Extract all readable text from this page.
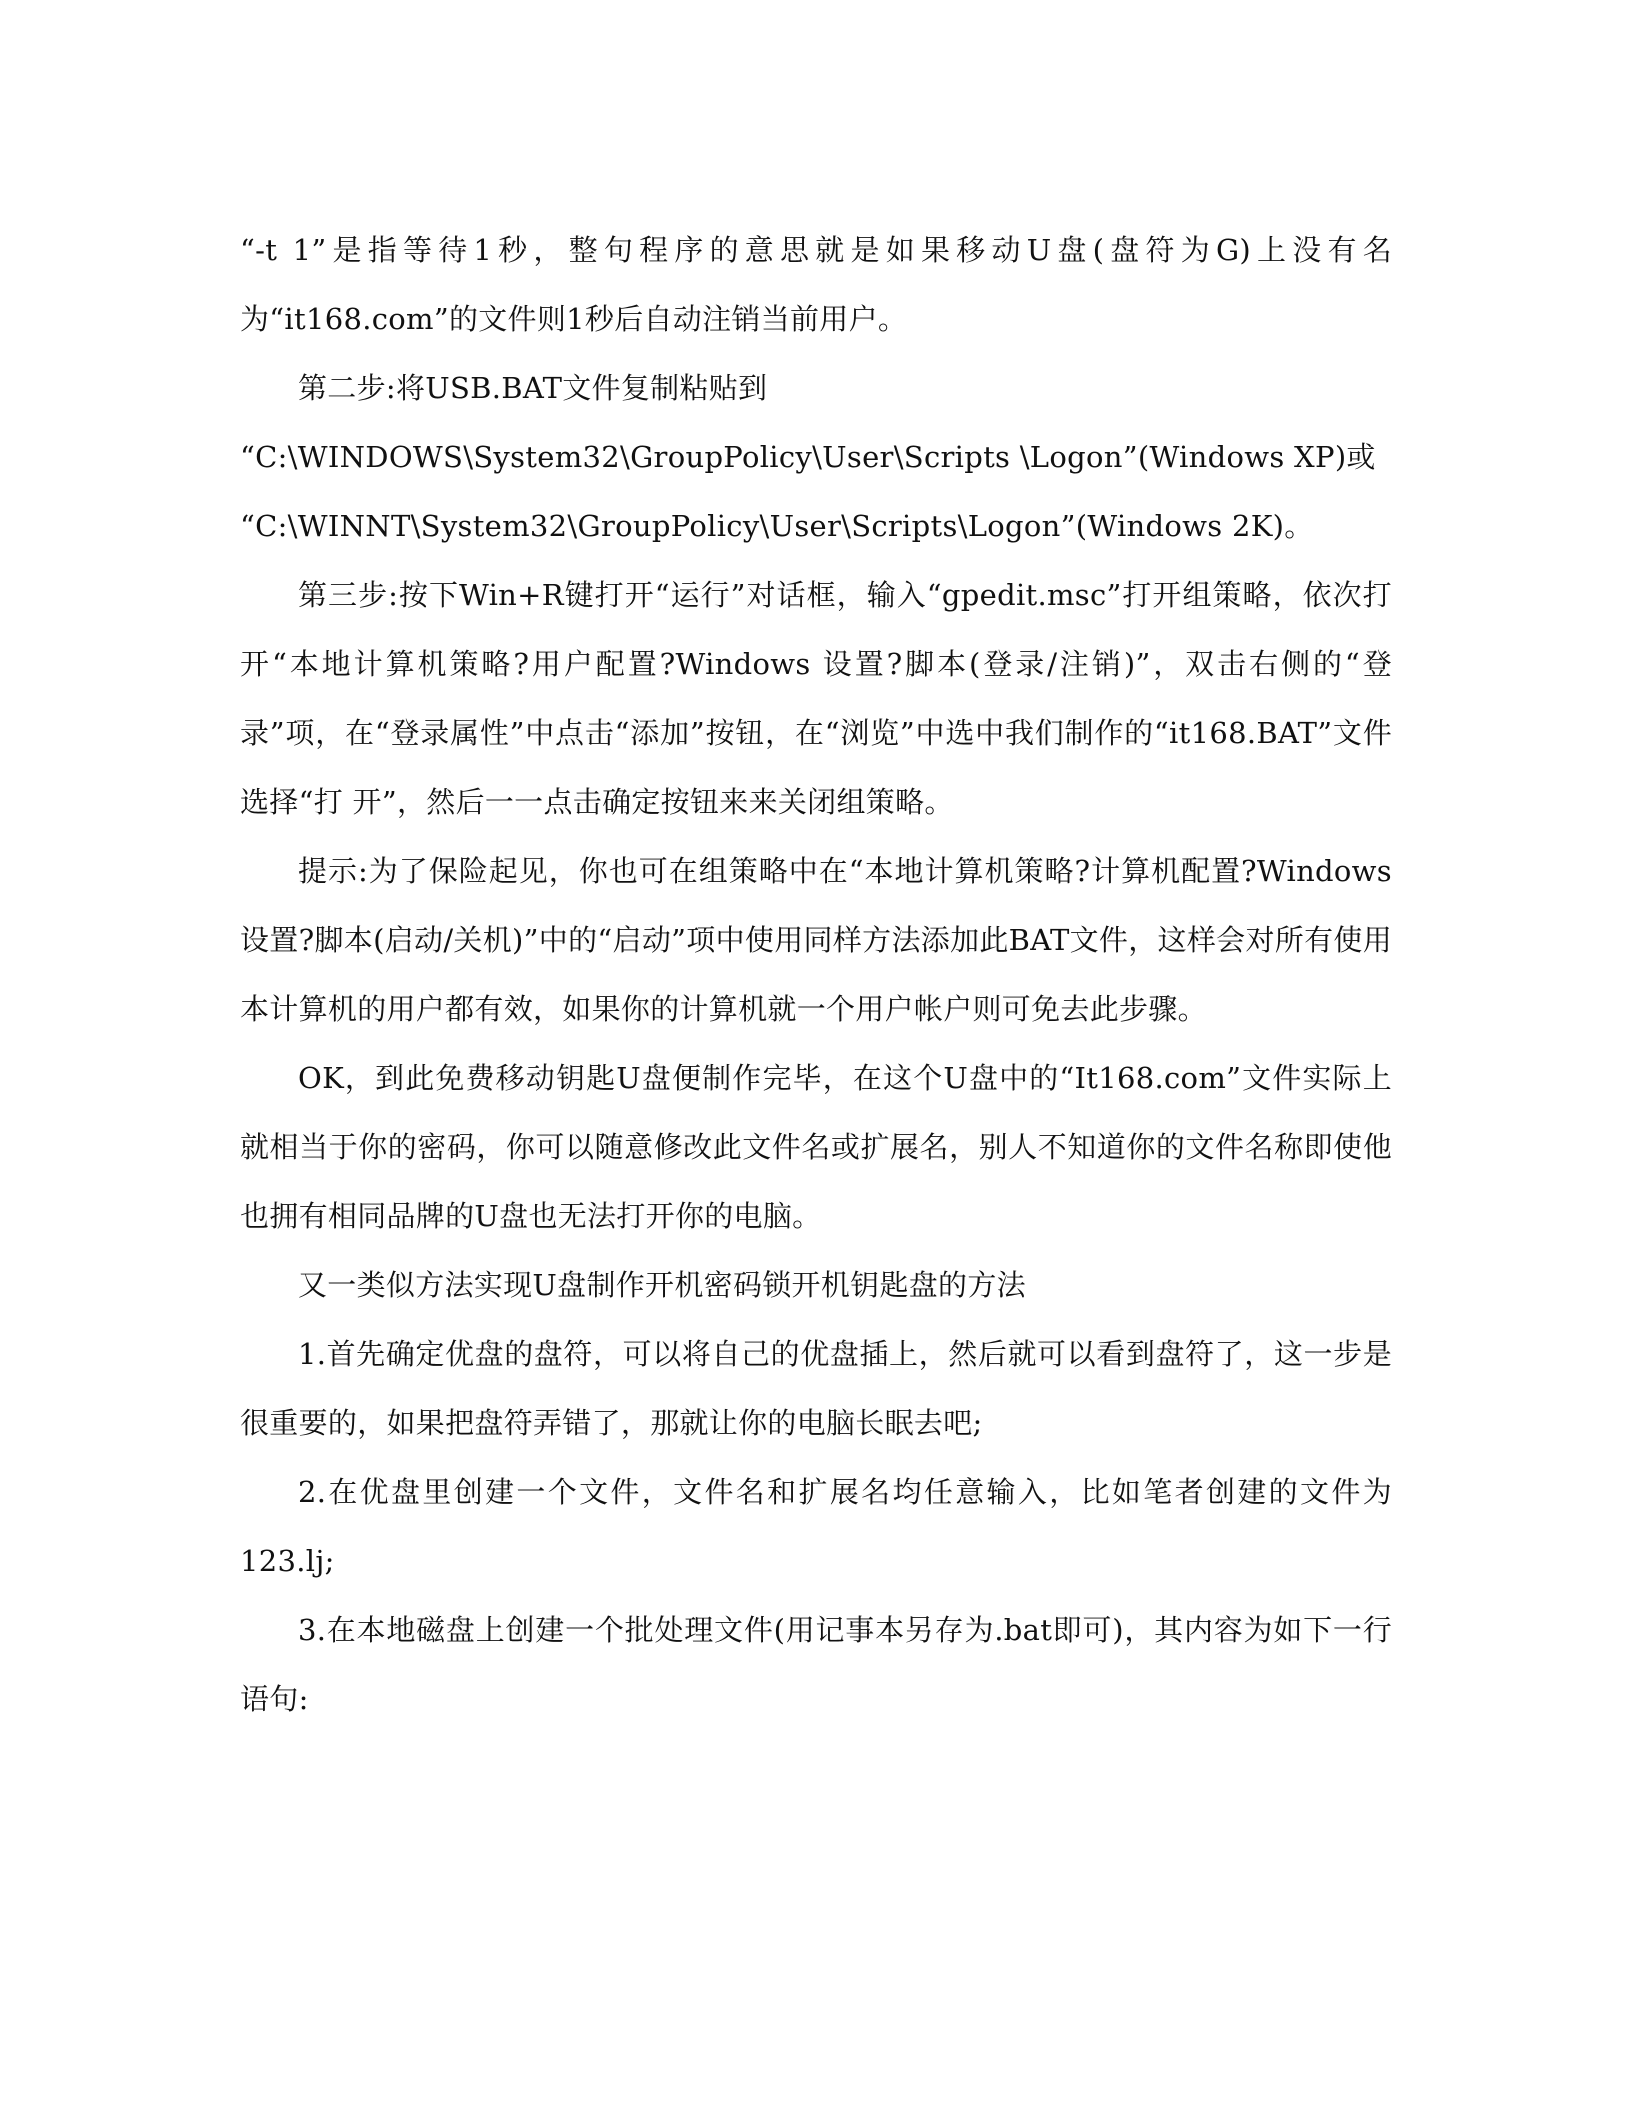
“-t 1”是指等待1秒，整句程序的意思就是如果移动U盘(盘符为G)上没有名为“it168.com”的文件则1秒后自动注销当前用户。

第二步:将USB.BAT文件复制粘贴到

“C:\WINDOWS\System32\GroupPolicy\User\Scripts \Logon”(Windows XP)或

“C:\WINNT\System32\GroupPolicy\User\Scripts\Logon”(Windows 2K)。

第三步:按下Win+R键打开“运行”对话框，输入“gpedit.msc”打开组策略，依次打开“本地计算机策略?用户配置?Windows 设置?脚本(登录/注销)”，双击右侧的“登录”项，在“登录属性”中点击“添加”按钮，在“浏览”中选中我们制作的“it168.BAT”文件选择“打 开”，然后一一点击确定按钮来来关闭组策略。

提示:为了保险起见，你也可在组策略中在“本地计算机策略?计算机配置?Windows设置?脚本(启动/关机)”中的“启动”项中使用同样方法添加此BAT文件，这样会对所有使用本计算机的用户都有效，如果你的计算机就一个用户帐户则可免去此步骤。

OK，到此免费移动钥匙U盘便制作完毕，在这个U盘中的“It168.com”文件实际上就相当于你的密码，你可以随意修改此文件名或扩展名，别人不知道你的文件名称即使他也拥有相同品牌的U盘也无法打开你的电脑。

又一类似方法实现U盘制作开机密码锁开机钥匙盘的方法

1.首先确定优盘的盘符，可以将自己的优盘插上，然后就可以看到盘符了，这一步是很重要的，如果把盘符弄错了，那就让你的电脑长眠去吧;

2.在优盘里创建一个文件，文件名和扩展名均任意输入，比如笔者创建的文件为123.lj;

3.在本地磁盘上创建一个批处理文件(用记事本另存为.bat即可)，其内容为如下一行语句:
